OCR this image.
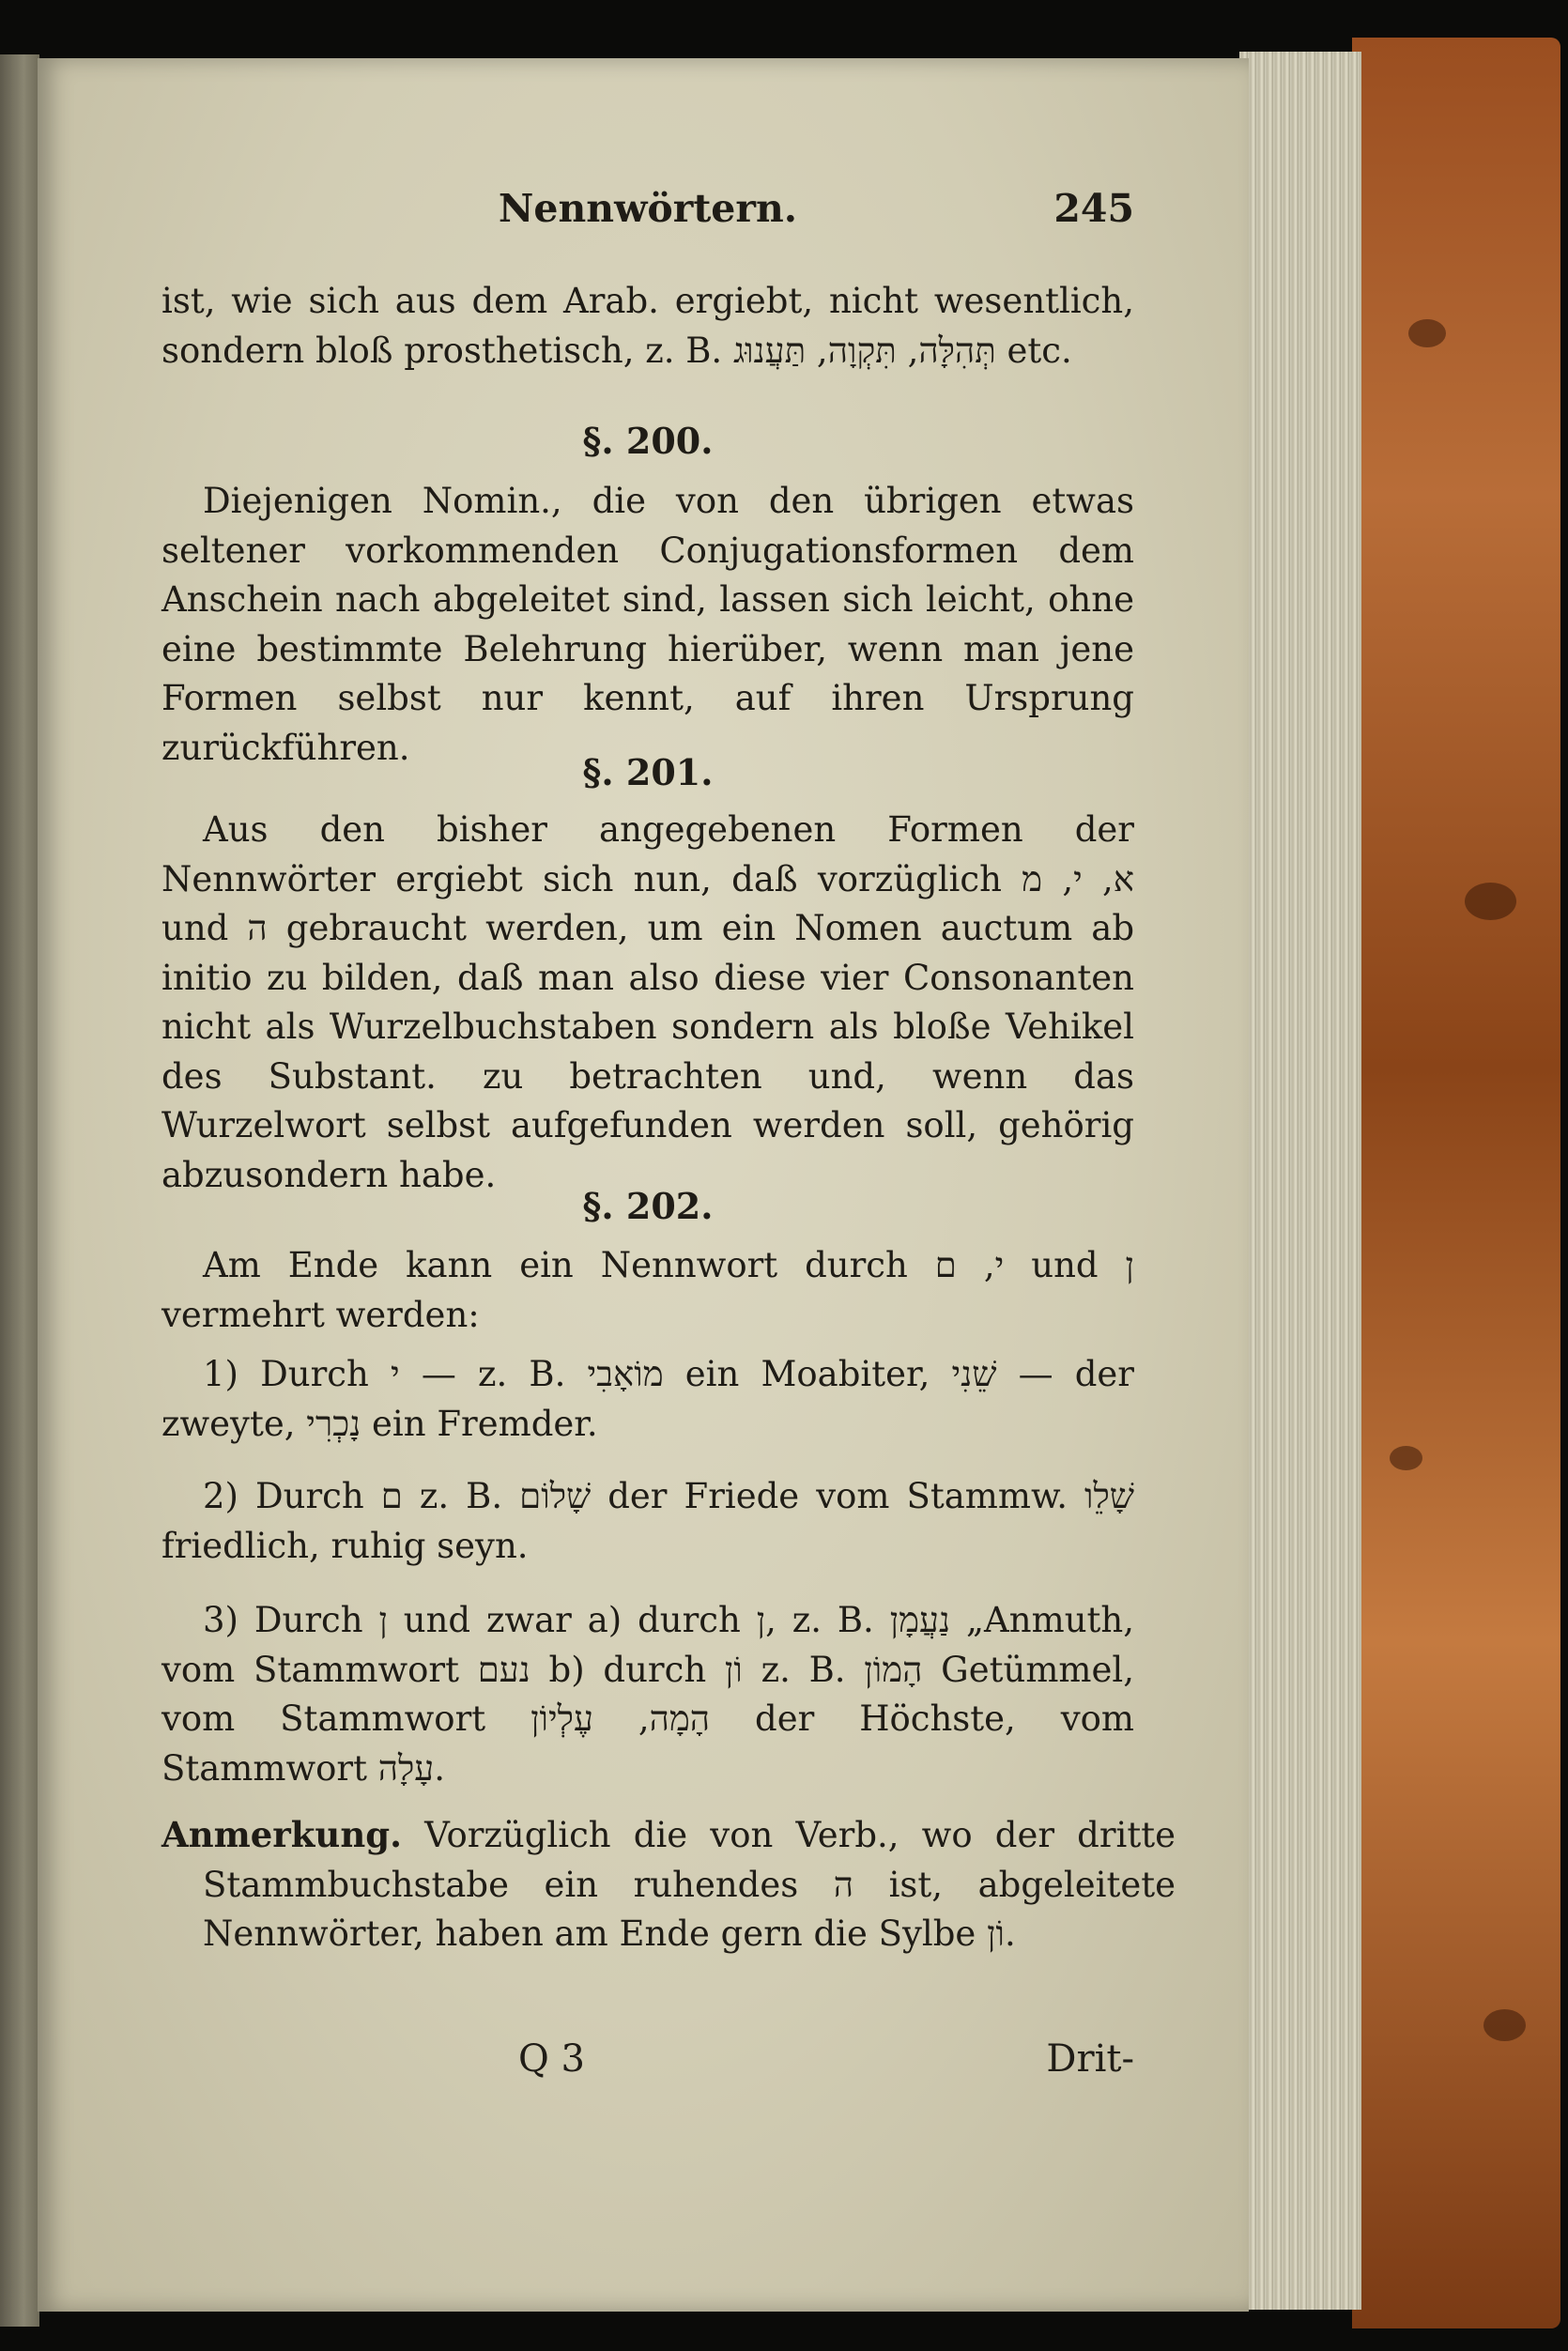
Nennwörtern.	245
ist, wie sich aus dem Arab. ergiebt, nicht wesentlich, sondern bloß prosthetisch, z. B. תְּהִלָּה, תִּקְוָה, תַּעֲנוּג etc.
§. 200.
Diejenigen Nomin., die von den übrigen etwas seltener vorkommenden Conjugationsformen dem Anschein nach abgeleitet sind, lassen sich leicht, ohne eine bestimmte Belehrung hierüber, wenn man jene Formen selbst nur kennt, auf ihren Ursprung zurückführen.
§. 201.
Aus den bisher angegebenen Formen der Nennwörter ergiebt sich nun, daß vorzüglich א, י, מ und ה gebraucht werden, um ein Nomen auctum ab initio zu bilden, daß man also diese vier Consonanten nicht als Wurzelbuchstaben sondern als bloße Vehikel des Substant. zu betrachten und, wenn das Wurzelwort selbst aufgefunden werden soll, gehörig abzusondern habe.
§. 202.
Am Ende kann ein Nennwort durch י, ם und ן vermehrt werden:
1) Durch י — z. B. מוֹאָבִי ein Moabiter, שֵׁנִי — der zweyte, נָכְרִי ein Fremder.
2) Durch ם z. B. שָׁלוֹם der Friede vom Stammw. שָׁלֵו friedlich, ruhig seyn.
3) Durch ן und zwar a) durch ן, z. B. נַעֲמָן „Anmuth, vom Stammwort נעם b) durch וֹן z. B. הָמוֹן Getümmel, vom Stammwort הָמָה, עֶלְיוֹן der Höchste, vom Stammwort עָלָה.
Anmerkung. Vorzüglich die von Verb., wo der dritte Stammbuchstabe ein ruhendes ה ist, abgeleitete Nennwörter, haben am Ende gern die Sylbe וֹן.
Q 3	Drit-
